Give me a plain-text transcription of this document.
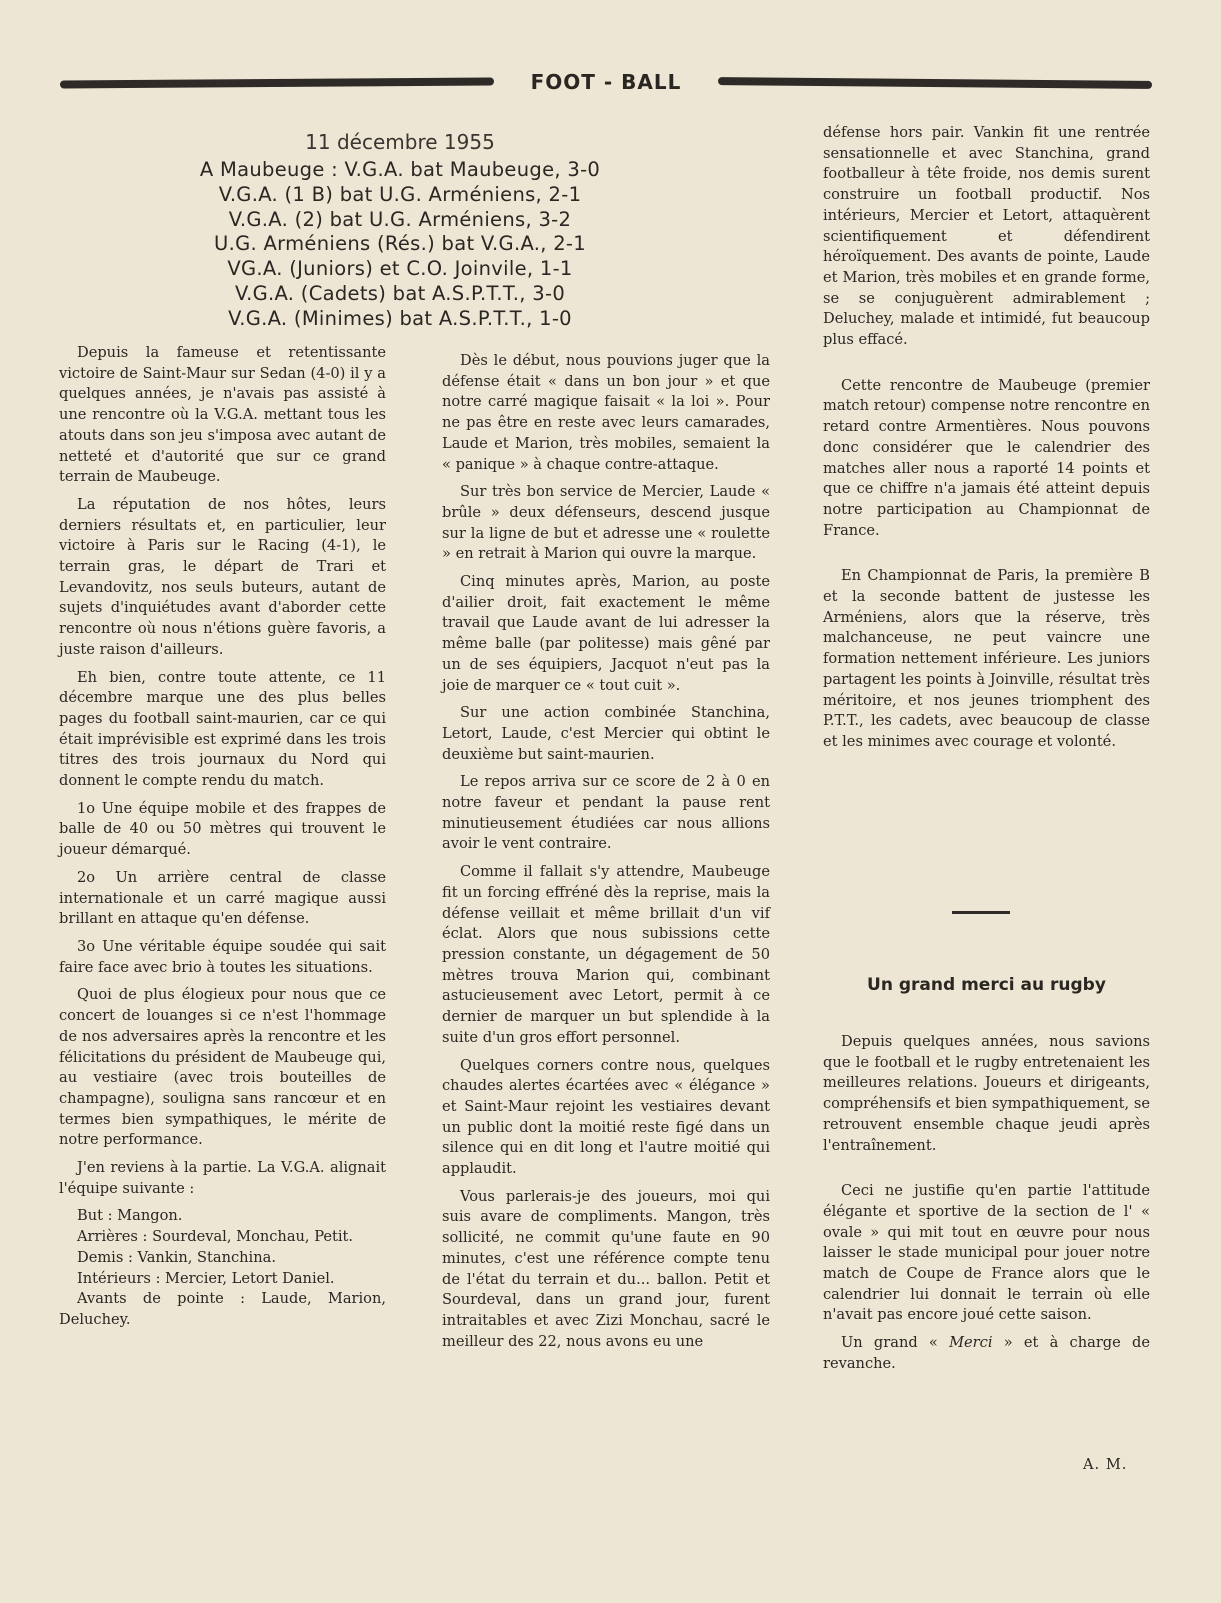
FOOT - BALL
11 décembre 1955
A Maubeuge : V.G.A. bat Maubeuge, 3-0
V.G.A. (1 B) bat U.G. Arméniens, 2-1
V.G.A. (2) bat U.G. Arméniens, 3-2
U.G. Arméniens (Rés.) bat V.G.A., 2-1
VG.A. (Juniors) et C.O. Joinvile, 1-1
V.G.A. (Cadets) bat A.S.P.T.T., 3-0
V.G.A. (Minimes) bat A.S.P.T.T., 1-0

Depuis la fameuse et retentissante victoire de Saint-Maur sur Sedan (4-0) il y a quelques années, je n'avais pas assisté à une rencontre où la V.G.A. mettant tous les atouts dans son jeu s'imposa avec autant de netteté et d'autorité que sur ce grand terrain de Maubeuge.

La réputation de nos hôtes, leurs derniers résultats et, en particulier, leur victoire à Paris sur le Racing (4-1), le terrain gras, le départ de Trari et Levandovitz, nos seuls buteurs, autant de sujets d'inquiétudes avant d'aborder cette rencontre où nous n'étions guère favoris, a juste raison d'ailleurs.

Eh bien, contre toute attente, ce 11 décembre marque une des plus belles pages du football saint-maurien, car ce qui était imprévisible est exprimé dans les trois titres des trois journaux du Nord qui donnent le compte rendu du match.

1o Une équipe mobile et des frappes de balle de 40 ou 50 mètres qui trouvent le joueur démarqué.

2o Un arrière central de classe internationale et un carré magique aussi brillant en attaque qu'en défense.

3o Une véritable équipe soudée qui sait faire face avec brio à toutes les situations.

Quoi de plus élogieux pour nous que ce concert de louanges si ce n'est l'hommage de nos adversaires après la rencontre et les félicitations du président de Maubeuge qui, au vestiaire (avec trois bouteilles de champagne), souligna sans rancœur et en termes bien sympathiques, le mérite de notre performance.

J'en reviens à la partie. La V.G.A. alignait l'équipe suivante :

But : Mangon.

Arrières : Sourdeval, Monchau, Petit.

Demis : Vankin, Stanchina.

Intérieurs : Mercier, Letort Daniel.

Avants de pointe : Laude, Marion, Deluchey.

Dès le début, nous pouvions juger que la défense était « dans un bon jour » et que notre carré magique faisait « la loi ». Pour ne pas être en reste avec leurs camarades, Laude et Marion, très mobiles, semaient la « panique » à chaque contre-attaque.

Sur très bon service de Mercier, Laude « brûle » deux défenseurs, descend jusque sur la ligne de but et adresse une « roulette » en retrait à Marion qui ouvre la marque.

Cinq minutes après, Marion, au poste d'ailier droit, fait exactement le même travail que Laude avant de lui adresser la même balle (par politesse) mais gêné par un de ses équipiers, Jacquot n'eut pas la joie de marquer ce « tout cuit ».

Sur une action combinée Stanchina, Letort, Laude, c'est Mercier qui obtint le deuxième but saint-maurien.

Le repos arriva sur ce score de 2 à 0 en notre faveur et pendant la pause rent minutieusement étudiées car nous allions avoir le vent contraire.

Comme il fallait s'y attendre, Maubeuge fit un forcing effréné dès la reprise, mais la défense veillait et même brillait d'un vif éclat. Alors que nous subissions cette pression constante, un dégagement de 50 mètres trouva Marion qui, combinant astucieusement avec Letort, permit à ce dernier de marquer un but splendide à la suite d'un gros effort personnel.

Quelques corners contre nous, quelques chaudes alertes écartées avec « élégance » et Saint-Maur rejoint les vestiaires devant un public dont la moitié reste figé dans un silence qui en dit long et l'autre moitié qui applaudit.

Vous parlerais-je des joueurs, moi qui suis avare de compliments. Mangon, très sollicité, ne commit qu'une faute en 90 minutes, c'est une référence compte tenu de l'état du terrain et du... ballon. Petit et Sourdeval, dans un grand jour, furent intraitables et avec Zizi Monchau, sacré le meilleur des 22, nous avons eu une

défense hors pair. Vankin fit une rentrée sensationnelle et avec Stanchina, grand footballeur à tête froide, nos demis surent construire un football productif. Nos intérieurs, Mercier et Letort, attaquèrent scientifiquement et défendirent héroïquement. Des avants de pointe, Laude et Marion, très mobiles et en grande forme, se se conjuguèrent admirablement ; Deluchey, malade et intimidé, fut beaucoup plus effacé.

Cette rencontre de Maubeuge (premier match retour) compense notre rencontre en retard contre Armentières. Nous pouvons donc considérer que le calendrier des matches aller nous a raporté 14 points et que ce chiffre n'a jamais été atteint depuis notre participation au Championnat de France.

En Championnat de Paris, la première B et la seconde battent de justesse les Arméniens, alors que la réserve, très malchanceuse, ne peut vaincre une formation nettement inférieure. Les juniors partagent les points à Joinville, résultat très méritoire, et nos jeunes triomphent des P.T.T., les cadets, avec beaucoup de classe et les minimes avec courage et volonté.

Un grand merci au rugby

Depuis quelques années, nous savions que le football et le rugby entretenaient les meilleures relations. Joueurs et dirigeants, compréhensifs et bien sympathiquement, se retrouvent ensemble chaque jeudi après l'entraînement.

Ceci ne justifie qu'en partie l'attitude élégante et sportive de la section de l' « ovale » qui mit tout en œuvre pour nous laisser le stade municipal pour jouer notre match de Coupe de France alors que le calendrier lui donnait le terrain où elle n'avait pas encore joué cette saison.

Un grand « Merci » et à charge de revanche.

A. M.
